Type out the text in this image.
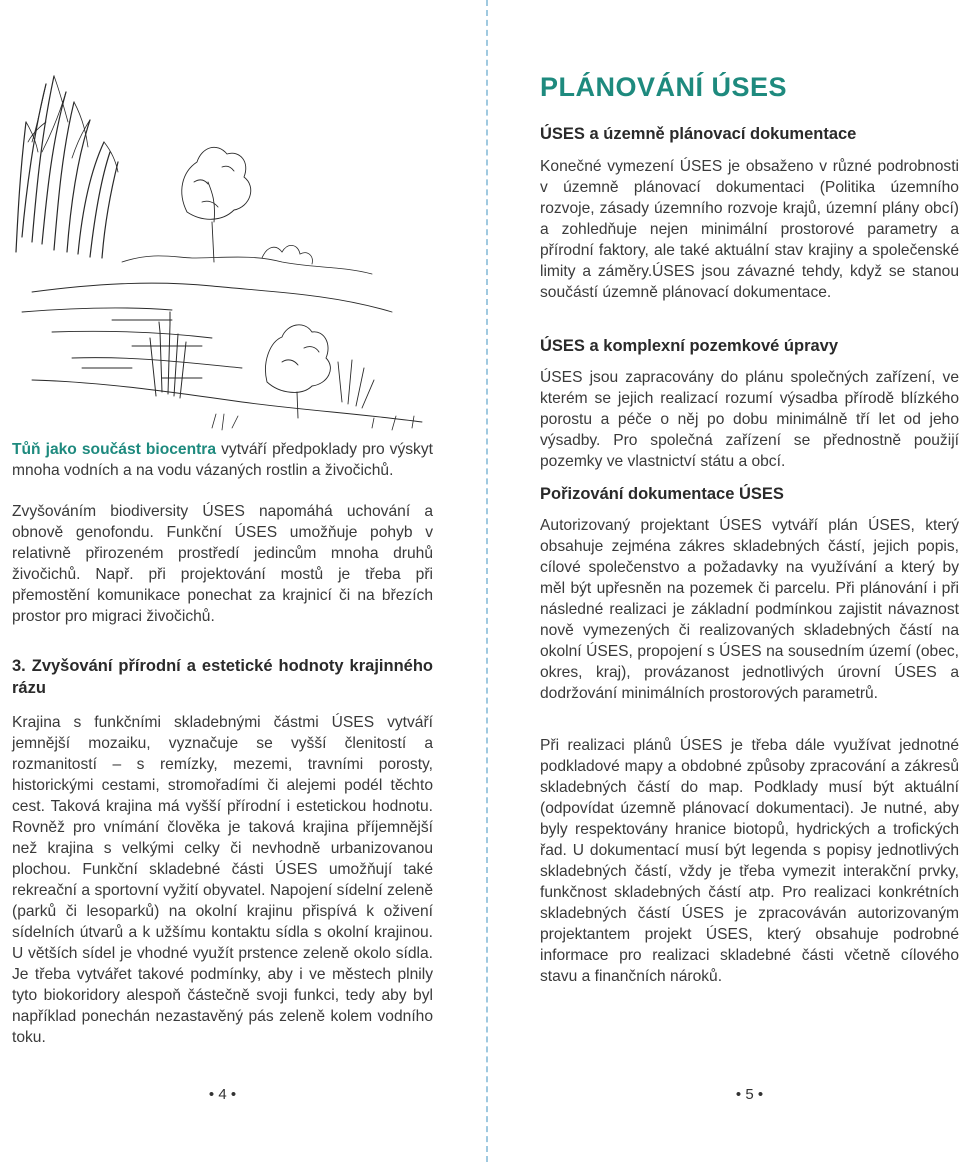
Tůň jako součást biocentra vytváří předpoklady pro výskyt mnoha vodních a na vodu vázaných rostlin a živočichů.

Zvyšováním biodiversity ÚSES napomáhá uchování a obnově genofondu. Funkční ÚSES umožňuje pohyb v relativně přirozeném prostředí jedincům mnoha druhů živočichů. Např. při projektování mostů je třeba při přemostění komunikace ponechat za krajnicí či na březích prostor pro migraci živočichů.

3. Zvyšování přírodní a estetické hodnoty krajinného rázu

Krajina s funkčními skladebnými částmi ÚSES vytváří jemnější mozaiku, vyznačuje se vyšší členitostí a rozmanitostí – s remízky, mezemi, travními porosty, historickými cestami, stromořadími či alejemi podél těchto cest. Taková krajina má vyšší přírodní i estetickou hodnotu. Rovněž pro vnímání člověka je taková krajina příjemnější než krajina s velkými celky či nevhodně urbanizovanou plochou. Funkční skladebné části ÚSES umožňují také rekreační a sportovní vyžití obyvatel. Napojení sídelní zeleně (parků či lesoparků) na okolní krajinu přispívá k oživení sídelních útvarů a k užšímu kontaktu sídla s okolní krajinou. U větších sídel je vhodné využít prstence zeleně okolo sídla. Je třeba vytvářet takové podmínky, aby i ve městech plnily tyto biokoridory alespoň částečně svoji funkci, tedy aby byl například ponechán nezastavěný pás zeleně kolem vodního toku.

• 4 •
PLÁNOVÁNÍ ÚSES
ÚSES a územně plánovací dokumentace

Konečné vymezení ÚSES je obsaženo v různé podrobnosti v územně plánovací dokumentaci (Politika územního rozvoje, zásady územního rozvoje krajů, územní plány obcí) a zohledňuje nejen minimální prostorové parametry a přírodní faktory, ale také aktuální stav krajiny a společenské limity a záměry.ÚSES jsou závazné tehdy, když se stanou součástí územně plánovací dokumentace.

ÚSES a komplexní pozemkové úpravy

ÚSES jsou zapracovány do plánu společných zařízení, ve kterém se jejich realizací rozumí výsadba přírodě blízkého porostu a péče o něj po dobu minimálně tří let od jeho výsadby. Pro společná zařízení se přednostně použijí pozemky ve vlastnictví státu a obcí.

Pořizování dokumentace ÚSES

Autorizovaný projektant ÚSES vytváří plán ÚSES, který obsahuje zejména zákres skladebných částí, jejich popis, cílové společenstvo a požadavky na využívání a který by měl být upřesněn na pozemek či parcelu. Při plánování i při následné realizaci je základní podmínkou zajistit návaznost nově vymezených či realizovaných skladebných částí na okolní ÚSES, propojení s ÚSES na sousedním území (obec, okres, kraj), provázanost jednotlivých úrovní ÚSES a dodržování minimálních prostorových parametrů.

Při realizaci plánů ÚSES je třeba dále využívat jednotné podkladové mapy a obdobné způsoby zpracování a zákresů skladebných částí do map. Podklady musí být aktuální (odpovídat územně plánovací dokumentaci). Je nutné, aby byly respektovány hranice biotopů, hydrických a trofických řad. U dokumentací musí být legenda s popisy jednotlivých skladebných částí, vždy je třeba vymezit interakční prvky, funkčnost skladebných částí atp. Pro realizaci konkrétních skladebných částí ÚSES je zpracováván autorizovaným projektantem projekt ÚSES, který obsahuje podrobné informace pro realizaci skladebné části včetně cílového stavu a finančních nároků.

• 5 •
